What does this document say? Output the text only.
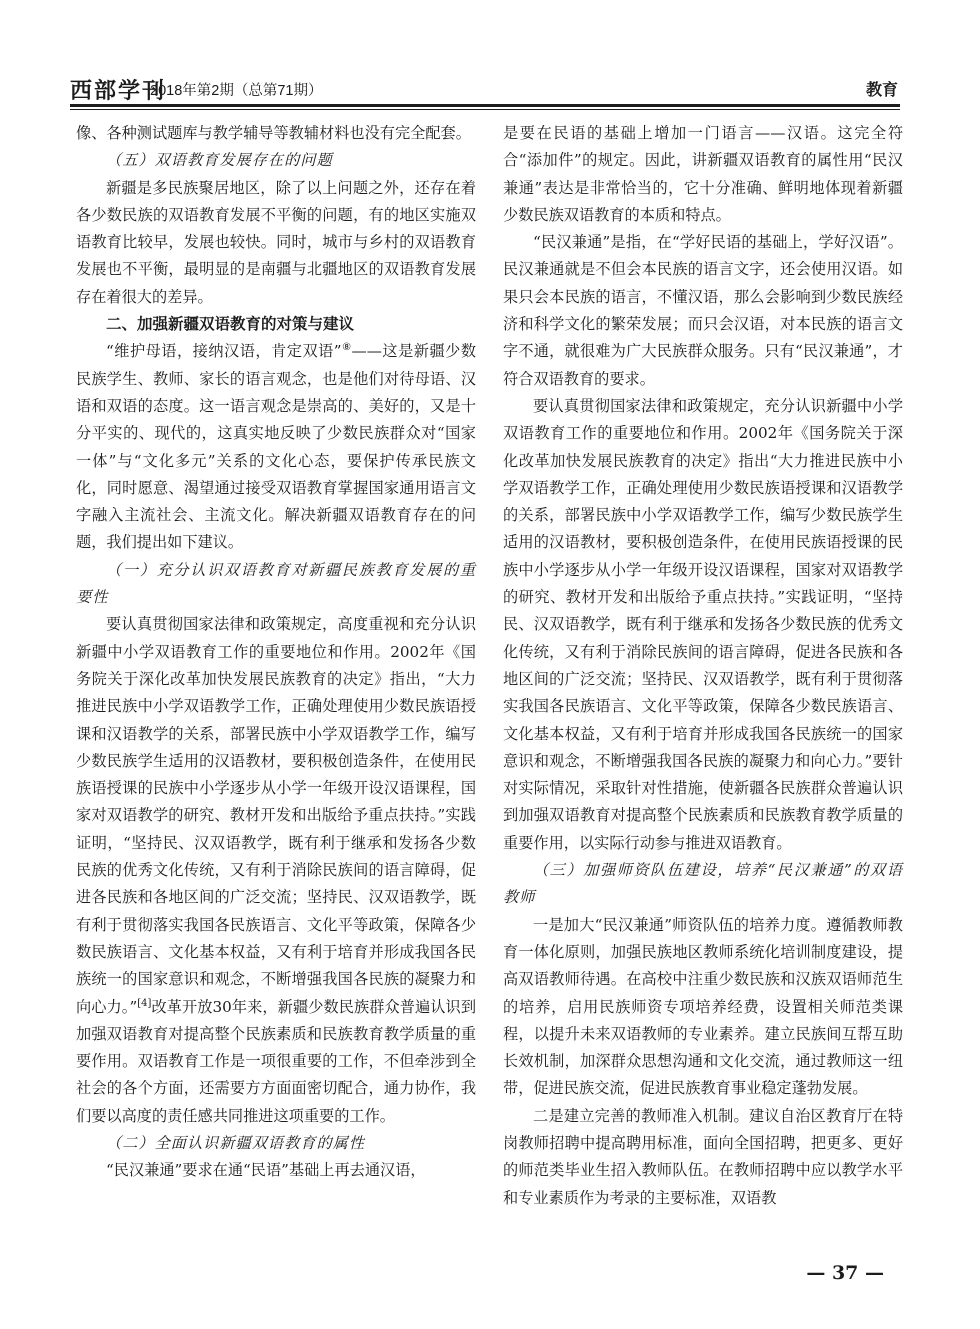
西部学刊
2018年第2期（总第71期）	教育

像、各种测试题库与教学辅导等教辅材料也没有完全配套。

（五）双语教育发展存在的问题

新疆是多民族聚居地区，除了以上问题之外，还存在着各少数民族的双语教育发展不平衡的问题，有的地区实施双语教育比较早，发展也较快。同时，城市与乡村的双语教育发展也不平衡，最明显的是南疆与北疆地区的双语教育发展存在着很大的差异。

二、加强新疆双语教育的对策与建议

“维护母语，接纳汉语，肯定双语”⑧——这是新疆少数民族学生、教师、家长的语言观念，也是他们对待母语、汉语和双语的态度。这一语言观念是崇高的、美好的，又是十分平实的、现代的，这真实地反映了少数民族群众对“国家一体”与“文化多元”关系的文化心态，要保护传承民族文化，同时愿意、渴望通过接受双语教育掌握国家通用语言文字融入主流社会、主流文化。解决新疆双语教育存在的问题，我们提出如下建议。

（一）充分认识双语教育对新疆民族教育发展的重要性

要认真贯彻国家法律和政策规定，高度重视和充分认识新疆中小学双语教育工作的重要地位和作用。2002年《国务院关于深化改革加快发展民族教育的决定》指出，“大力推进民族中小学双语教学工作，正确处理使用少数民族语授课和汉语教学的关系，部署民族中小学双语教学工作，编写少数民族学生适用的汉语教材，要积极创造条件，在使用民族语授课的民族中小学逐步从小学一年级开设汉语课程，国家对双语教学的研究、教材开发和出版给予重点扶持。”实践证明，“坚持民、汉双语教学，既有利于继承和发扬各少数民族的优秀文化传统，又有利于消除民族间的语言障碍，促进各民族和各地区间的广泛交流；坚持民、汉双语教学，既有利于贯彻落实我国各民族语言、文化平等政策，保障各少数民族语言、文化基本权益，又有利于培育并形成我国各民族统一的国家意识和观念，不断增强我国各民族的凝聚力和向心力。”[4]改革开放30年来，新疆少数民族群众普遍认识到加强双语教育对提高整个民族素质和民族教育教学质量的重要作用。双语教育工作是一项很重要的工作，不但牵涉到全社会的各个方面，还需要方方面面密切配合，通力协作，我们要以高度的责任感共同推进这项重要的工作。

（二）全面认识新疆双语教育的属性

“民汉兼通”要求在通“民语”基础上再去通汉语，

是要在民语的基础上增加一门语言——汉语。这完全符合“添加件”的规定。因此，讲新疆双语教育的属性用“民汉兼通”表达是非常恰当的，它十分准确、鲜明地体现着新疆少数民族双语教育的本质和特点。

“民汉兼通”是指，在“学好民语的基础上，学好汉语”。民汉兼通就是不但会本民族的语言文字，还会使用汉语。如果只会本民族的语言，不懂汉语，那么会影响到少数民族经济和科学文化的繁荣发展；而只会汉语，对本民族的语言文字不通，就很难为广大民族群众服务。只有“民汉兼通”，才符合双语教育的要求。

要认真贯彻国家法律和政策规定，充分认识新疆中小学双语教育工作的重要地位和作用。2002年《国务院关于深化改革加快发展民族教育的决定》指出“大力推进民族中小学双语教学工作，正确处理使用少数民族语授课和汉语教学的关系，部署民族中小学双语教学工作，编写少数民族学生适用的汉语教材，要积极创造条件，在使用民族语授课的民族中小学逐步从小学一年级开设汉语课程，国家对双语教学的研究、教材开发和出版给予重点扶持。”实践证明，“坚持民、汉双语教学，既有利于继承和发扬各少数民族的优秀文化传统，又有利于消除民族间的语言障碍，促进各民族和各地区间的广泛交流；坚持民、汉双语教学，既有利于贯彻落实我国各民族语言、文化平等政策，保障各少数民族语言、文化基本权益，又有利于培育并形成我国各民族统一的国家意识和观念，不断增强我国各民族的凝聚力和向心力。”要针对实际情况，采取针对性措施，使新疆各民族群众普遍认识到加强双语教育对提高整个民族素质和民族教育教学质量的重要作用，以实际行动参与推进双语教育。

（三）加强师资队伍建设，培养“民汉兼通”的双语教师

一是加大“民汉兼通”师资队伍的培养力度。遵循教师教育一体化原则，加强民族地区教师系统化培训制度建设，提高双语教师待遇。在高校中注重少数民族和汉族双语师范生的培养，启用民族师资专项培养经费，设置相关师范类课程，以提升未来双语教师的专业素养。建立民族间互帮互助长效机制，加深群众思想沟通和文化交流，通过教师这一纽带，促进民族交流，促进民族教育事业稳定蓬勃发展。

二是建立完善的教师准入机制。建议自治区教育厅在特岗教师招聘中提高聘用标准，面向全国招聘，把更多、更好的师范类毕业生招入教师队伍。在教师招聘中应以教学水平和专业素质作为考录的主要标准，双语教

— 37 —
